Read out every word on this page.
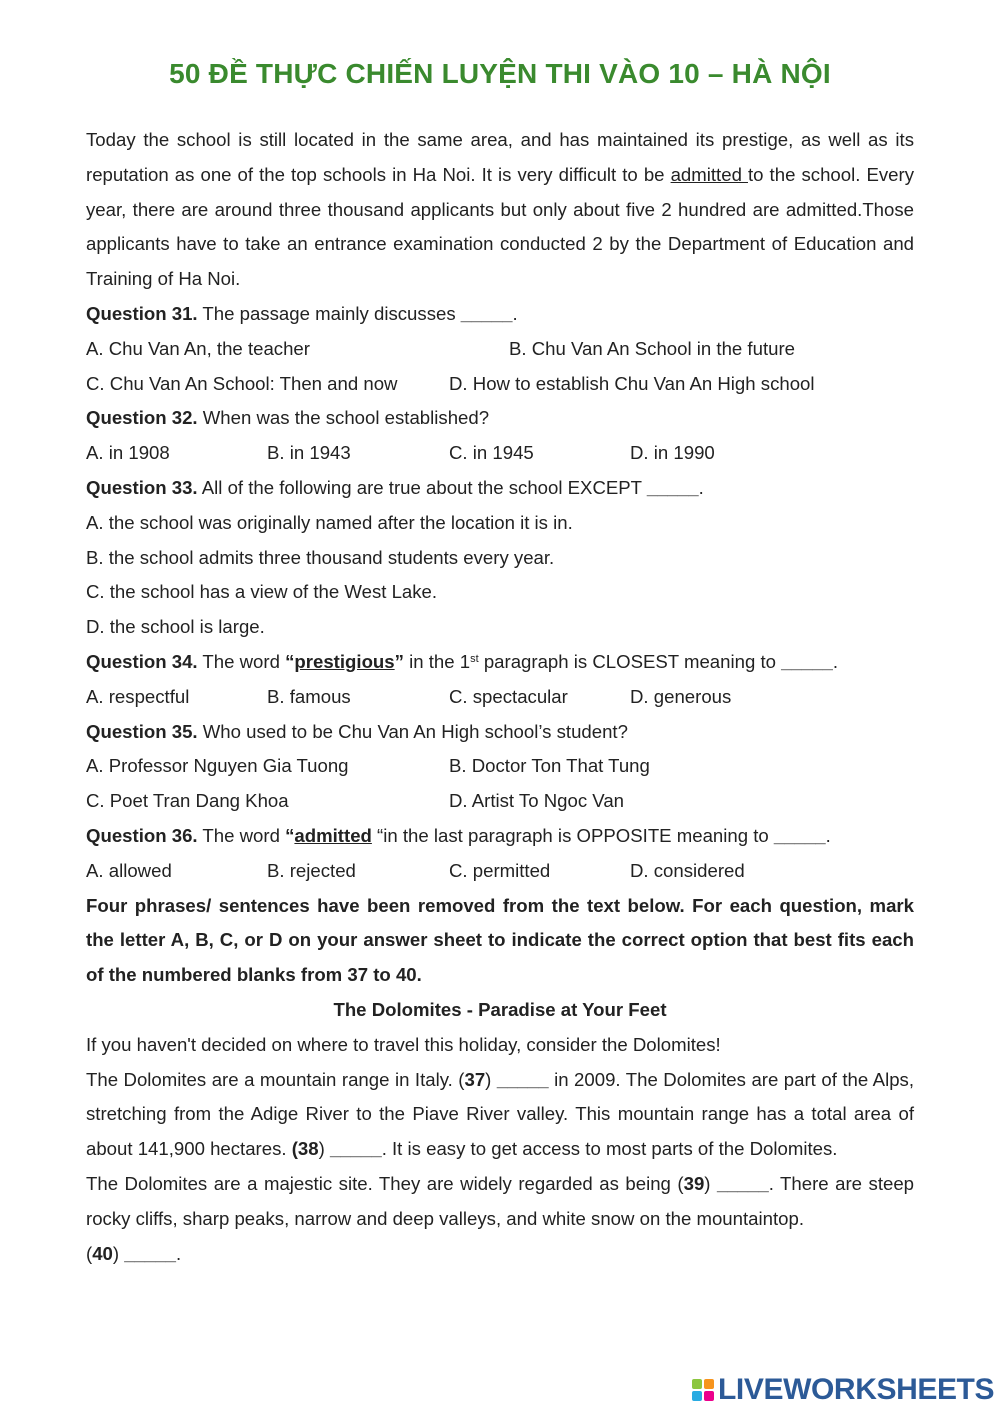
50 ĐỀ THỰC CHIẾN LUYỆN THI VÀO 10 – HÀ NỘI
Today the school is still located in the same area, and has maintained its prestige, as well as its reputation as one of the top schools in Ha Noi. It is very difficult to be admitted to the school. Every year, there are around three thousand applicants but only about five 2 hundred are admitted.Those applicants have to take an entrance examination conducted 2 by the Department of Education and Training of Ha Noi.
Question 31. The passage mainly discusses _____.
A. Chu Van An, the teacher	B. Chu Van An School in the future
C. Chu Van An School: Then and now	D. How to establish Chu Van An High school
Question 32. When was the school established?
A. in 1908	B. in 1943	C. in 1945	D. in 1990
Question 33. All of the following are true about the school EXCEPT _____.
A. the school was originally named after the location it is in.
B. the school admits three thousand students every year.
C. the school has a view of the West Lake.
D. the school is large.
Question 34. The word “prestigious” in the 1st paragraph is CLOSEST meaning to _____.
A. respectful	B. famous	C. spectacular	D. generous
Question 35. Who used to be Chu Van An High school’s student?
A. Professor Nguyen Gia Tuong	B. Doctor Ton That Tung
C. Poet Tran Dang Khoa	D. Artist To Ngoc Van
Question 36. The word “admitted “in the last paragraph is OPPOSITE meaning to _____.
A. allowed	B. rejected	C. permitted	D. considered
Four phrases/ sentences have been removed from the text below. For each question, mark the letter A, B, C, or D on your answer sheet to indicate the correct option that best fits each of the numbered blanks from 37 to 40.
The Dolomites - Paradise at Your Feet
If you haven't decided on where to travel this holiday, consider the Dolomites!
The Dolomites are a mountain range in Italy. (37) _____ in 2009. The Dolomites are part of the Alps, stretching from the Adige River to the Piave River valley. This mountain range has a total area of about 141,900 hectares. (38) _____. It is easy to get access to most parts of the Dolomites.
The Dolomites are a majestic site. They are widely regarded as being (39) _____. There are steep rocky cliffs, sharp peaks, narrow and deep valleys, and white snow on the mountaintop.
(40) _____.
LIVEWORKSHEETS
